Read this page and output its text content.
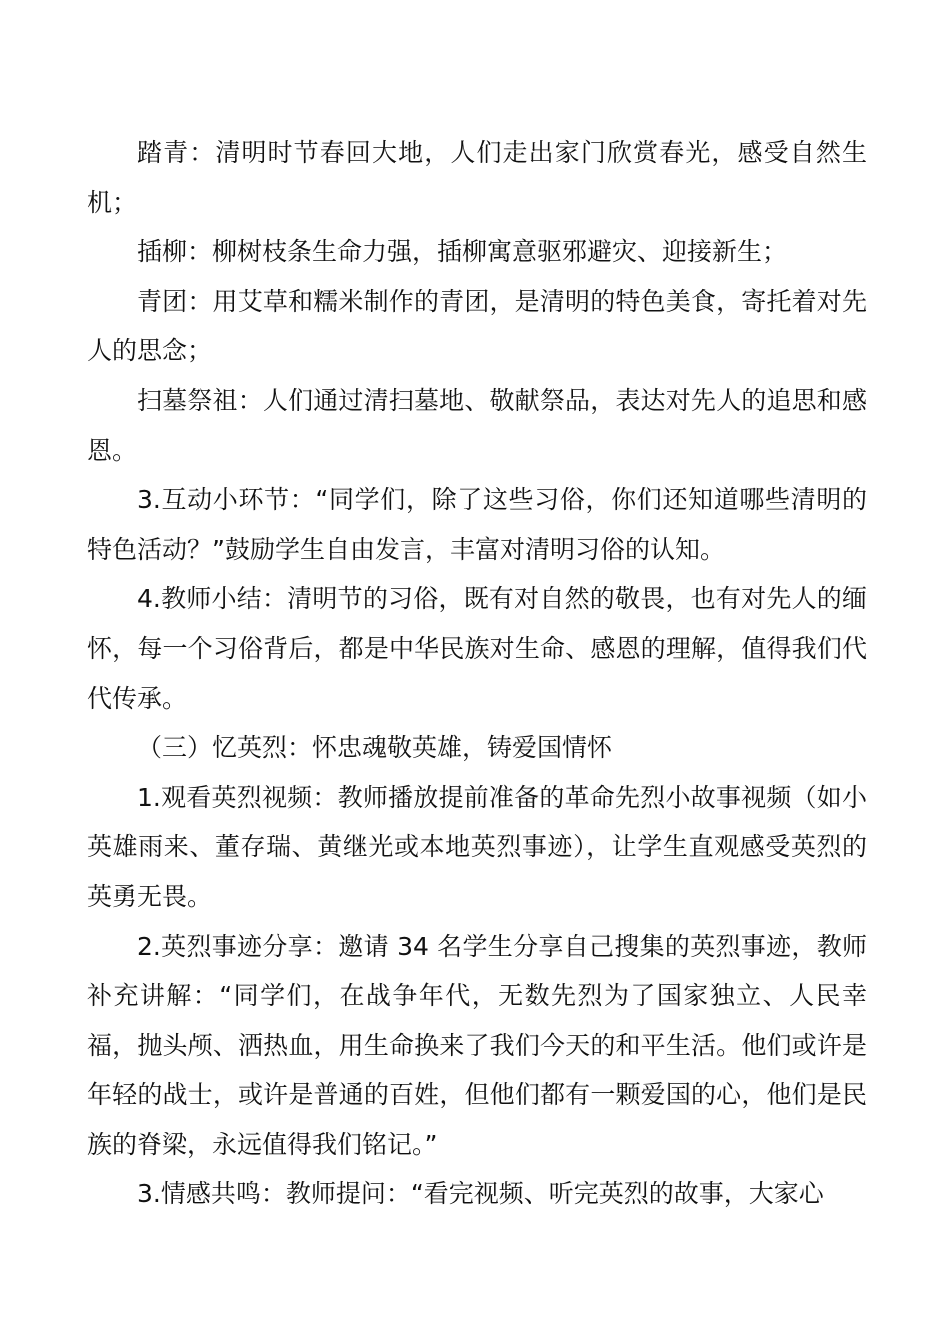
踏青：清明时节春回大地，人们走出家门欣赏春光，感受自然生机；

插柳：柳树枝条生命力强，插柳寓意驱邪避灾、迎接新生；

青团：用艾草和糯米制作的青团，是清明的特色美食，寄托着对先人的思念；

扫墓祭祖：人们通过清扫墓地、敬献祭品，表达对先人的追思和感恩。

3.互动小环节：“同学们，除了这些习俗，你们还知道哪些清明的特色活动？”鼓励学生自由发言，丰富对清明习俗的认知。

4.教师小结：清明节的习俗，既有对自然的敬畏，也有对先人的缅怀，每一个习俗背后，都是中华民族对生命、感恩的理解，值得我们代代传承。

（三）忆英烈：怀忠魂敬英雄，铸爱国情怀

1.观看英烈视频：教师播放提前准备的革命先烈小故事视频（如小英雄雨来、董存瑞、黄继光或本地英烈事迹），让学生直观感受英烈的英勇无畏。

2.英烈事迹分享：邀请 34 名学生分享自己搜集的英烈事迹，教师补充讲解：“同学们，在战争年代，无数先烈为了国家独立、人民幸福，抛头颅、洒热血，用生命换来了我们今天的和平生活。他们或许是年轻的战士，或许是普通的百姓，但他们都有一颗爱国的心，他们是民族的脊梁，永远值得我们铭记。”

3.情感共鸣：教师提问：“看完视频、听完英烈的故事，大家心
